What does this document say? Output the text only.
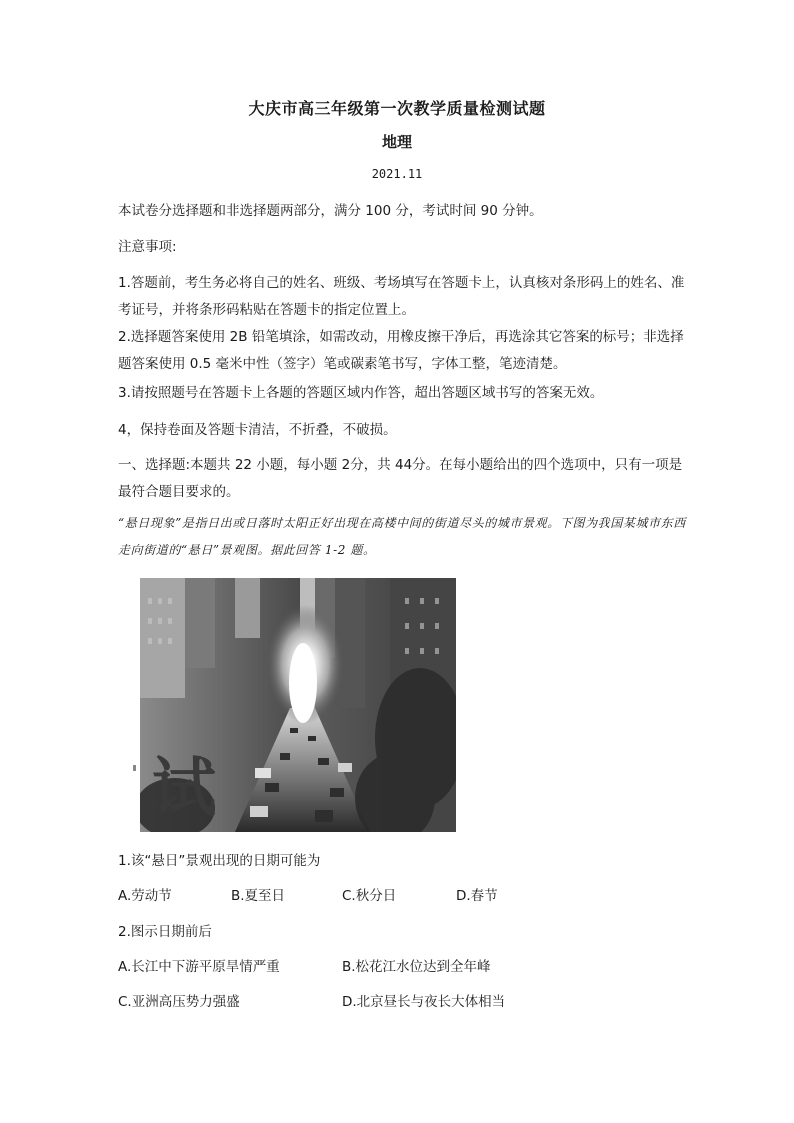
大庆市高三年级第一次教学质量检测试题
地理
2021.11

本试卷分选择题和非选择题两部分，满分 100 分，考试时间 90 分钟。

注意事项:

1.答题前，考生务必将自己的姓名、班级、考场填写在答题卡上，认真核对条形码上的姓名、准考证号，并将条形码粘贴在答题卡的指定位置上。

2.选择题答案使用 2B 铅笔填涂，如需改动，用橡皮擦干净后，再选涂其它答案的标号；非选择题答案使用 0.5 毫米中性（签字）笔或碳素笔书写，字体工整，笔迹清楚。

3.请按照题号在答题卡上各题的答题区域内作答，超出答题区域书写的答案无效。

4，保持卷面及答题卡清洁，不折叠，不破损。

一、选择题:本题共 22 小题，每小题 2分，共 44分。在每小题给出的四个选项中，只有一项是最符合题目要求的。

“悬日现象”是指日出或日落时太阳正好出现在高楼中间的街道尽头的城市景观。下图为我国某城市东西走向街道的“悬日”景观图。据此回答 1-2 题。

试

1.该“悬日”景观出现的日期可能为

A.劳动节	B.夏至日	C.秋分日	D.春节

2.图示日期前后

A.长江中下游平原旱情严重	B.松花江水位达到全年峰
C.亚洲高压势力强盛	D.北京昼长与夜长大体相当
